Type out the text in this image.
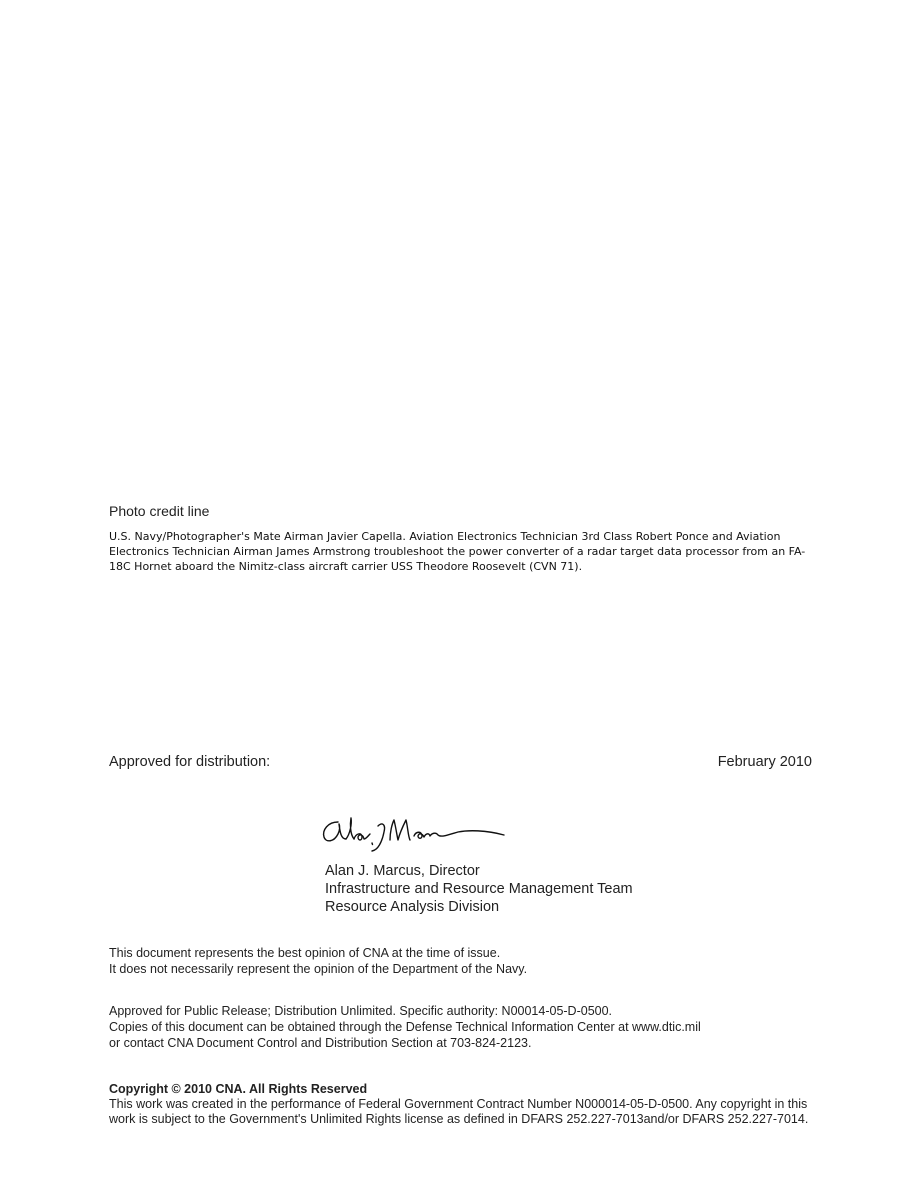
Photo credit line
U.S. Navy/Photographer's Mate Airman Javier Capella. Aviation Electronics Technician 3rd Class Robert Ponce and Aviation Electronics Technician Airman James Armstrong troubleshoot the power converter of a radar target data processor from an FA-18C Hornet aboard the Nimitz-class aircraft carrier USS Theodore Roosevelt (CVN 71).
Approved for distribution:	February 2010
Alan J. Marcus, Director
Infrastructure and Resource Management Team
Resource Analysis Division
This document represents the best opinion of CNA at the time of issue.
It does not necessarily represent the opinion of the Department of the Navy.
Approved for Public Release; Distribution Unlimited. Specific authority: N00014-05-D-0500.
Copies of this document can be obtained through the Defense Technical Information Center at www.dtic.mil
or contact CNA Document Control and Distribution Section at 703-824-2123.
Copyright © 2010 CNA. All Rights Reserved
This work was created in the performance of Federal Government Contract Number N000014-05-D-0500. Any copyright in this work is subject to the Government's Unlimited Rights license as defined in DFARS 252.227-7013and/or DFARS 252.227-7014.
